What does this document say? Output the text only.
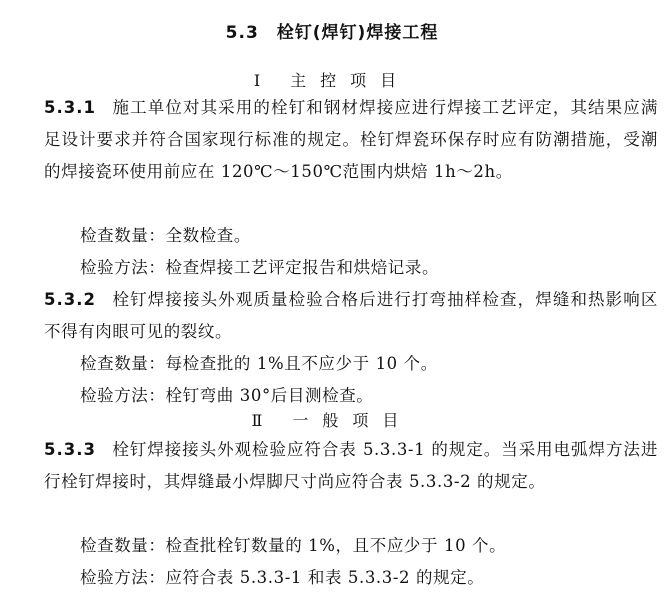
5.3　栓钉(焊钉)焊接工程
Ⅰ 主控项目
5.3.1 施工单位对其采用的栓钉和钢材焊接应进行焊接工艺评定，其结果应满足设计要求并符合国家现行标准的规定。栓钉焊瓷环保存时应有防潮措施，受潮的焊接瓷环使用前应在 120℃～150℃范围内烘焙 1h～2h。
检查数量：全数检查。
检验方法：检查焊接工艺评定报告和烘焙记录。
5.3.2 栓钉焊接接头外观质量检验合格后进行打弯抽样检查，焊缝和热影响区不得有肉眼可见的裂纹。
检查数量：每检查批的 1%且不应少于 10 个。
检验方法：栓钉弯曲 30°后目测检查。
Ⅱ 一般项目
5.3.3 栓钉焊接接头外观检验应符合表 5.3.3-1 的规定。当采用电弧焊方法进行栓钉焊接时，其焊缝最小焊脚尺寸尚应符合表 5.3.3-2 的规定。
检查数量：检查批栓钉数量的 1%，且不应少于 10 个。
检验方法：应符合表 5.3.3-1 和表 5.3.3-2 的规定。
